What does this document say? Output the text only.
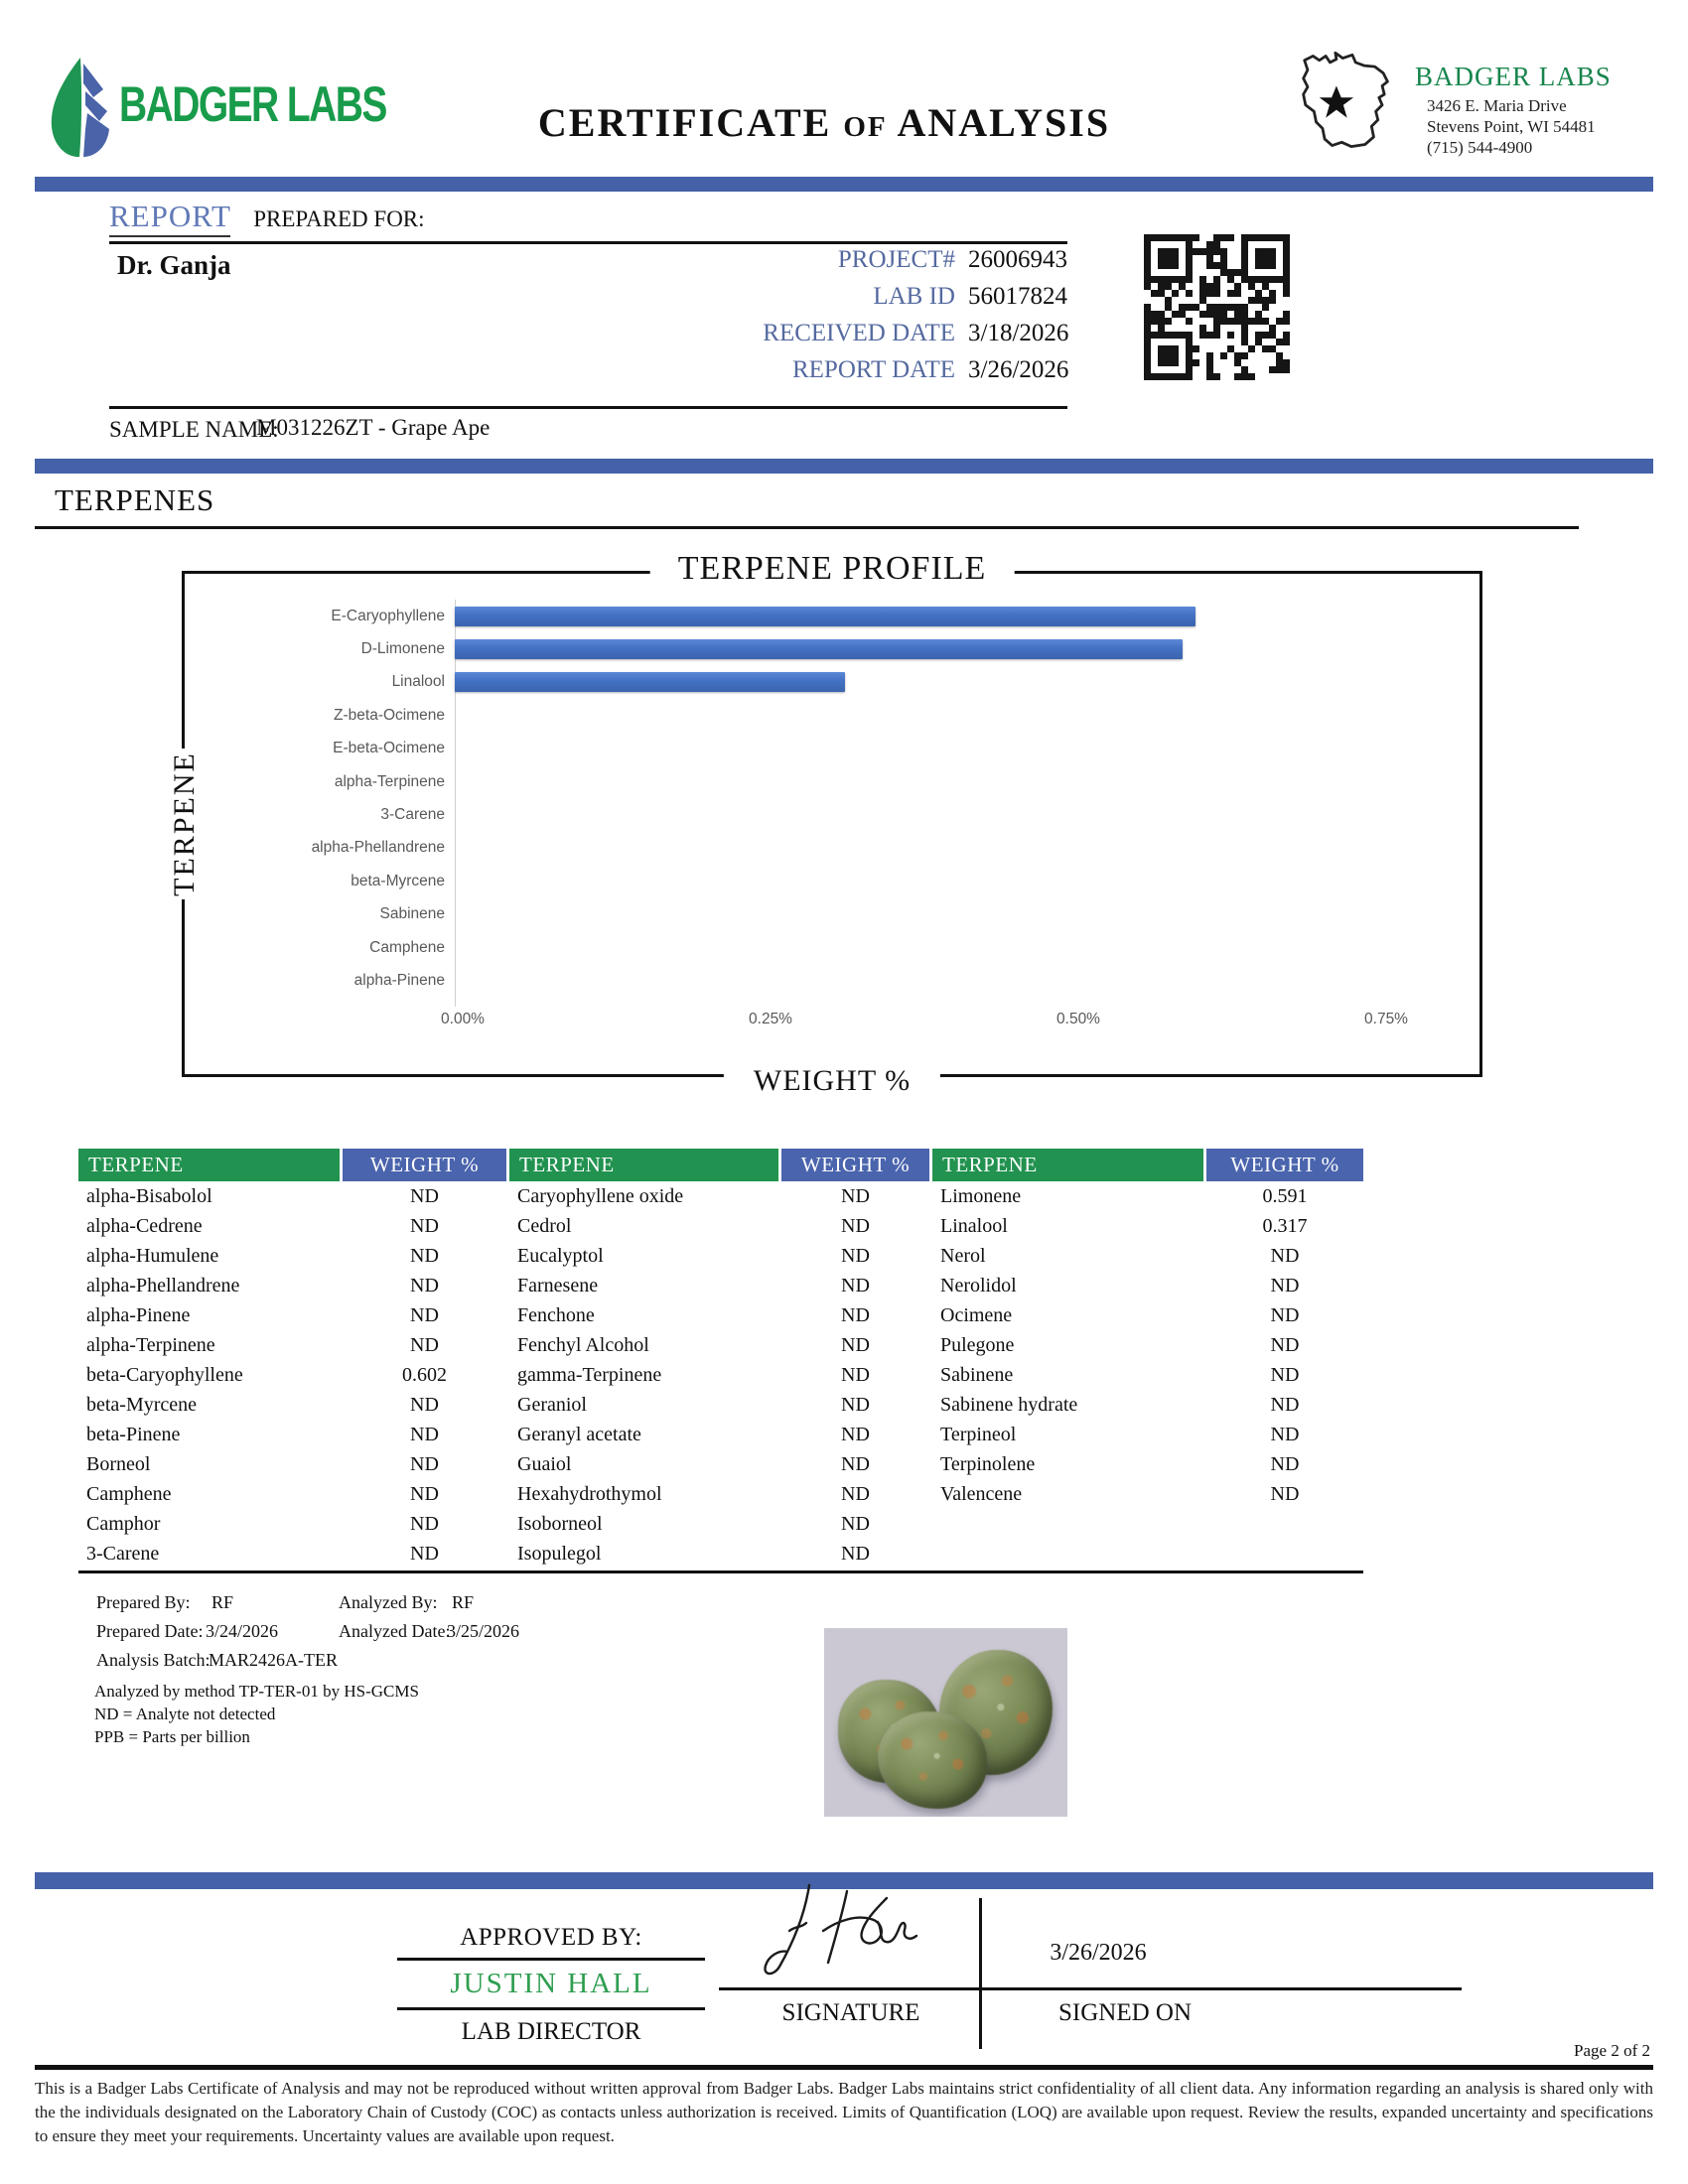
BADGER LABS	CERTIFICATE OF ANALYSIS
BADGER LABS
3426 E. Maria Drive
Stevens Point, WI 54481
(715) 544-4900
REPORT PREPARED FOR:
Dr. Ganja	PROJECT# 26006943
LAB ID 56017824
RECEIVED DATE 3/18/2026
REPORT DATE 3/26/2026
SAMPLE NAME:
M031226ZT - Grape Ape
TERPENES
TERPENE PROFILE
TERPENE
E-Caryophyllene
D-Limonene
Linalool
Z-beta-Ocimene
E-beta-Ocimene
alpha-Terpinene
3-Carene
alpha-Phellandrene
beta-Myrcene
Sabinene
Camphene
alpha-Pinene
0.00%	0.25%	0.50%	0.75%
WEIGHT %
TERPENE	WEIGHT %	TERPENE	WEIGHT %	TERPENE	WEIGHT %
alpha-Bisabolol	ND	Caryophyllene oxide	ND	Limonene	0.591
alpha-Cedrene	ND	Cedrol	ND	Linalool	0.317
alpha-Humulene	ND	Eucalyptol	ND	Nerol	ND
alpha-Phellandrene	ND	Farnesene	ND	Nerolidol	ND
alpha-Pinene	ND	Fenchone	ND	Ocimene	ND
alpha-Terpinene	ND	Fenchyl Alcohol	ND	Pulegone	ND
beta-Caryophyllene	0.602	gamma-Terpinene	ND	Sabinene	ND
beta-Myrcene	ND	Geraniol	ND	Sabinene hydrate	ND
beta-Pinene	ND	Geranyl acetate	ND	Terpineol	ND
Borneol	ND	Guaiol	ND	Terpinolene	ND
Camphene	ND	Hexahydrothymol	ND	Valencene	ND
Camphor	ND	Isoborneol	ND
3-Carene	ND	Isopulegol	ND
Prepared By: RF	Analyzed By: RF
Prepared Date: 3/24/2026	Analyzed Date:
3/25/2026
Analysis Batch:
MAR2426A-TER
Analyzed by method TP-TER-01 by HS-GCMS
ND = Analyte not detected
PPB = Parts per billion
APPROVED BY:
JUSTIN HALL
LAB DIRECTOR
3/26/2026
SIGNATURE	SIGNED ON
Page 2 of 2
This is a Badger Labs Certificate of Analysis and may not be reproduced without written approval from Badger Labs. Badger Labs maintains strict confidentiality of all client data. Any information regarding an analysis is shared only with the the individuals designated on the Laboratory Chain of Custody (COC) as contacts unless authorization is received. Limits of Quantification (LOQ) are available upon request. Review the results, expanded uncertainty and specifications to ensure they meet your requirements. Uncertainty values are available upon request.
